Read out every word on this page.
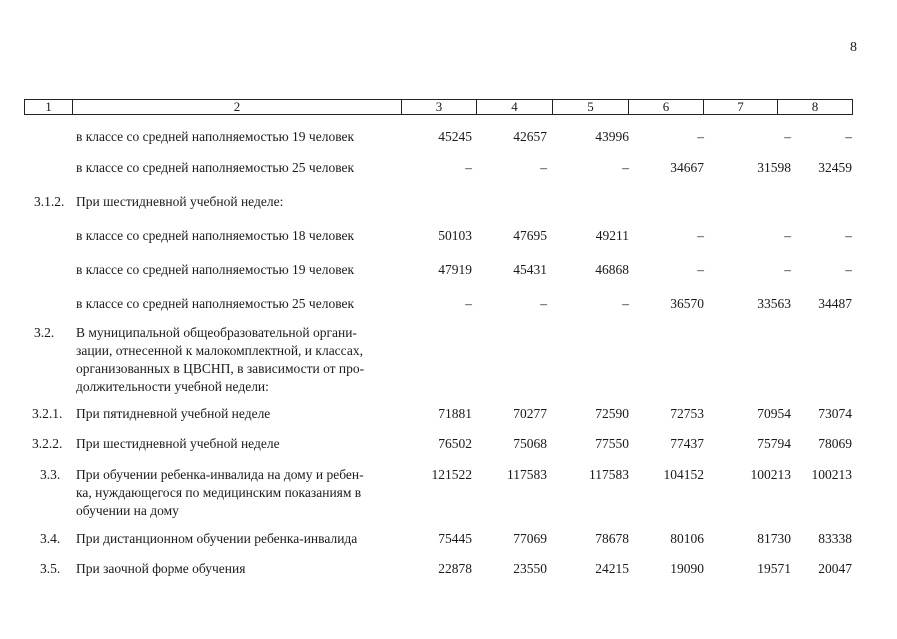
8
1	2	3	4	5	6	7	8
в классе со средней наполняемостью 19 человек	45245	42657	43996	–	–	–
в классе со средней наполняемостью 25 человек	–	–	–	34667	31598	32459
3.1.2. При шестидневной учебной неделе:
в классе со средней наполняемостью 18 человек	50103	47695	49211	–	–	–
в классе со средней наполняемостью 19 человек	47919	45431	46868	–	–	–
в классе со средней наполняемостью 25 человек	–	–	–	36570	33563	34487
3.2. В муниципальной общеобразовательной органи-
зации, отнесенной к малокомплектной, и классах,
организованных в ЦВСНП, в зависимости от про-
должительности учебной недели:
3.2.1. При пятидневной учебной неделе	71881	70277	72590	72753	70954	73074
3.2.2. При шестидневной учебной неделе	76502	75068	77550	77437	75794	78069
3.3. При обучении ребенка-инвалида на дому и ребен-
ка, нуждающегося по медицинским показаниям в
обучении на дому
121522	117583	117583	104152	100213	100213
3.4. При дистанционном обучении ребенка-инвалида	75445	77069	78678	80106	81730	83338
3.5. При заочной форме обучения	22878	23550	24215	19090	19571	20047
